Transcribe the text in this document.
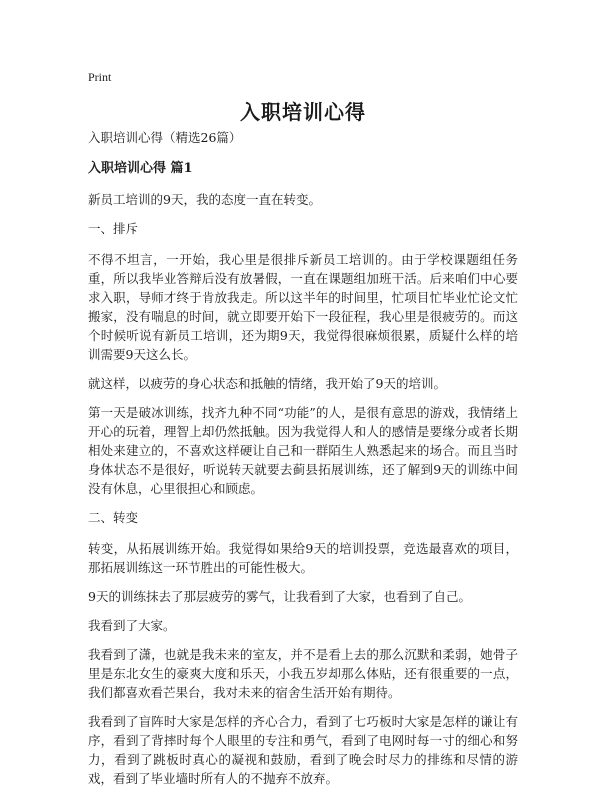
Print
入职培训心得

入职培训心得（精选26篇）

入职培训心得 篇1

新员工培训的9天，我的态度一直在转变。

一、排斥

不得不坦言，一开始，我心里是很排斥新员工培训的。由于学校课题组任务重，所以我毕业答辩后没有放暑假，一直在课题组加班干活。后来咱们中心要求入职，导师才终于肯放我走。所以这半年的时间里，忙项目忙毕业忙论文忙搬家，没有喘息的时间，就立即要开始下一段征程，我心里是很疲劳的。而这个时候听说有新员工培训，还为期9天，我觉得很麻烦很累，质疑什么样的培训需要9天这么长。

就这样，以疲劳的身心状态和抵触的情绪，我开始了9天的培训。

第一天是破冰训练，找齐九种不同“功能”的人，是很有意思的游戏，我情绪上开心的玩着，理智上却仍然抵触。因为我觉得人和人的感情是要缘分或者长期相处来建立的，不喜欢这样硬让自己和一群陌生人熟悉起来的场合。而且当时身体状态不是很好，听说转天就要去蓟县拓展训练，还了解到9天的训练中间没有休息，心里很担心和顾虑。

二、转变

转变，从拓展训练开始。我觉得如果给9天的培训投票，竞选最喜欢的项目，那拓展训练这一环节胜出的可能性极大。

9天的训练抹去了那层疲劳的雾气，让我看到了大家，也看到了自己。

我看到了大家。

我看到了潇，也就是我未来的室友，并不是看上去的那么沉默和柔弱，她骨子里是东北女生的豪爽大度和乐天，小我五岁却那么体贴，还有很重要的一点，我们都喜欢看芒果台，我对未来的宿舍生活开始有期待。

我看到了盲阵时大家是怎样的齐心合力，看到了七巧板时大家是怎样的谦让有序，看到了背摔时每个人眼里的专注和勇气，看到了电网时每一寸的细心和努力，看到了跳板时真心的凝视和鼓励，看到了晚会时尽力的排练和尽情的游戏，看到了毕业墙时所有人的不抛弃不放弃。
